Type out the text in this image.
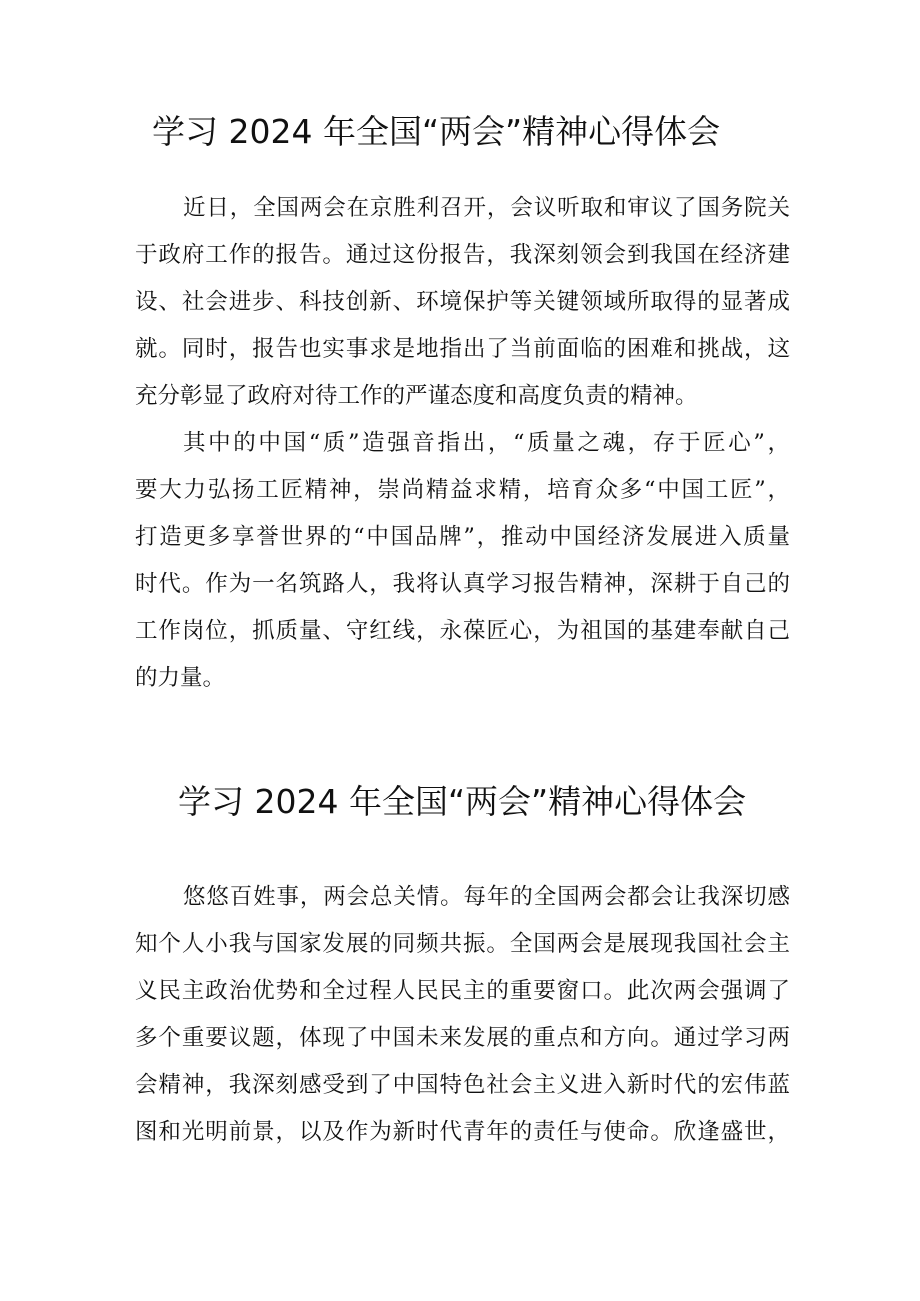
学习 2024 年全国“两会”精神心得体会

近日，全国两会在京胜利召开，会议听取和审议了国务院关

于政府工作的报告。通过这份报告，我深刻领会到我国在经济建

设、社会进步、科技创新、环境保护等关键领域所取得的显著成

就。同时，报告也实事求是地指出了当前面临的困难和挑战，这

充分彰显了政府对待工作的严谨态度和高度负责的精神。

其中的中国“质”造强音指出，“质量之魂，存于匠心”，

要大力弘扬工匠精神，崇尚精益求精，培育众多“中国工匠”，

打造更多享誉世界的“中国品牌”，推动中国经济发展进入质量

时代。作为一名筑路人，我将认真学习报告精神，深耕于自己的

工作岗位，抓质量、守红线，永葆匠心，为祖国的基建奉献自己

的力量。

学习 2024 年全国“两会”精神心得体会

悠悠百姓事，两会总关情。每年的全国两会都会让我深切感

知个人小我与国家发展的同频共振。全国两会是展现我国社会主

义民主政治优势和全过程人民民主的重要窗口。此次两会强调了

多个重要议题，体现了中国未来发展的重点和方向。通过学习两

会精神，我深刻感受到了中国特色社会主义进入新时代的宏伟蓝

图和光明前景，以及作为新时代青年的责任与使命。欣逢盛世，
